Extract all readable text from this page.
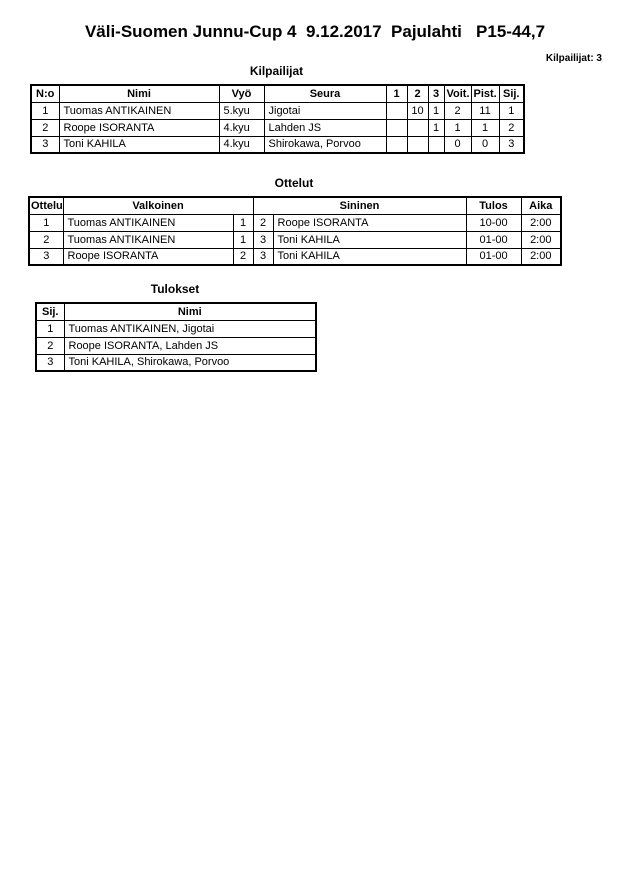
Väli-Suomen Junnu-Cup 4  9.12.2017  Pajulahti   P15-44,7
Kilpailijat: 3
Kilpailijat
N:o	Nimi	Vyö	Seura	1	2	3	Voit.	Pist.	Sij.
1	Tuomas ANTIKAINEN	5.kyu	Jigotai		10	1	2	11	1
2	Roope ISORANTA	4.kyu	Lahden JS			1	1	1	2
3	Toni KAHILA	4.kyu	Shirokawa, Porvoo				0	0	3
Ottelut
Ottelu	Valkoinen		Sininen		Tulos	Aika
1	Tuomas ANTIKAINEN	1	2	Roope ISORANTA	10-00	2:00
2	Tuomas ANTIKAINEN	1	3	Toni KAHILA	01-00	2:00
3	Roope ISORANTA	2	3	Toni KAHILA	01-00	2:00
Tulokset
Sij.	Nimi
1	Tuomas ANTIKAINEN, Jigotai
2	Roope ISORANTA, Lahden JS
3	Toni KAHILA, Shirokawa, Porvoo
